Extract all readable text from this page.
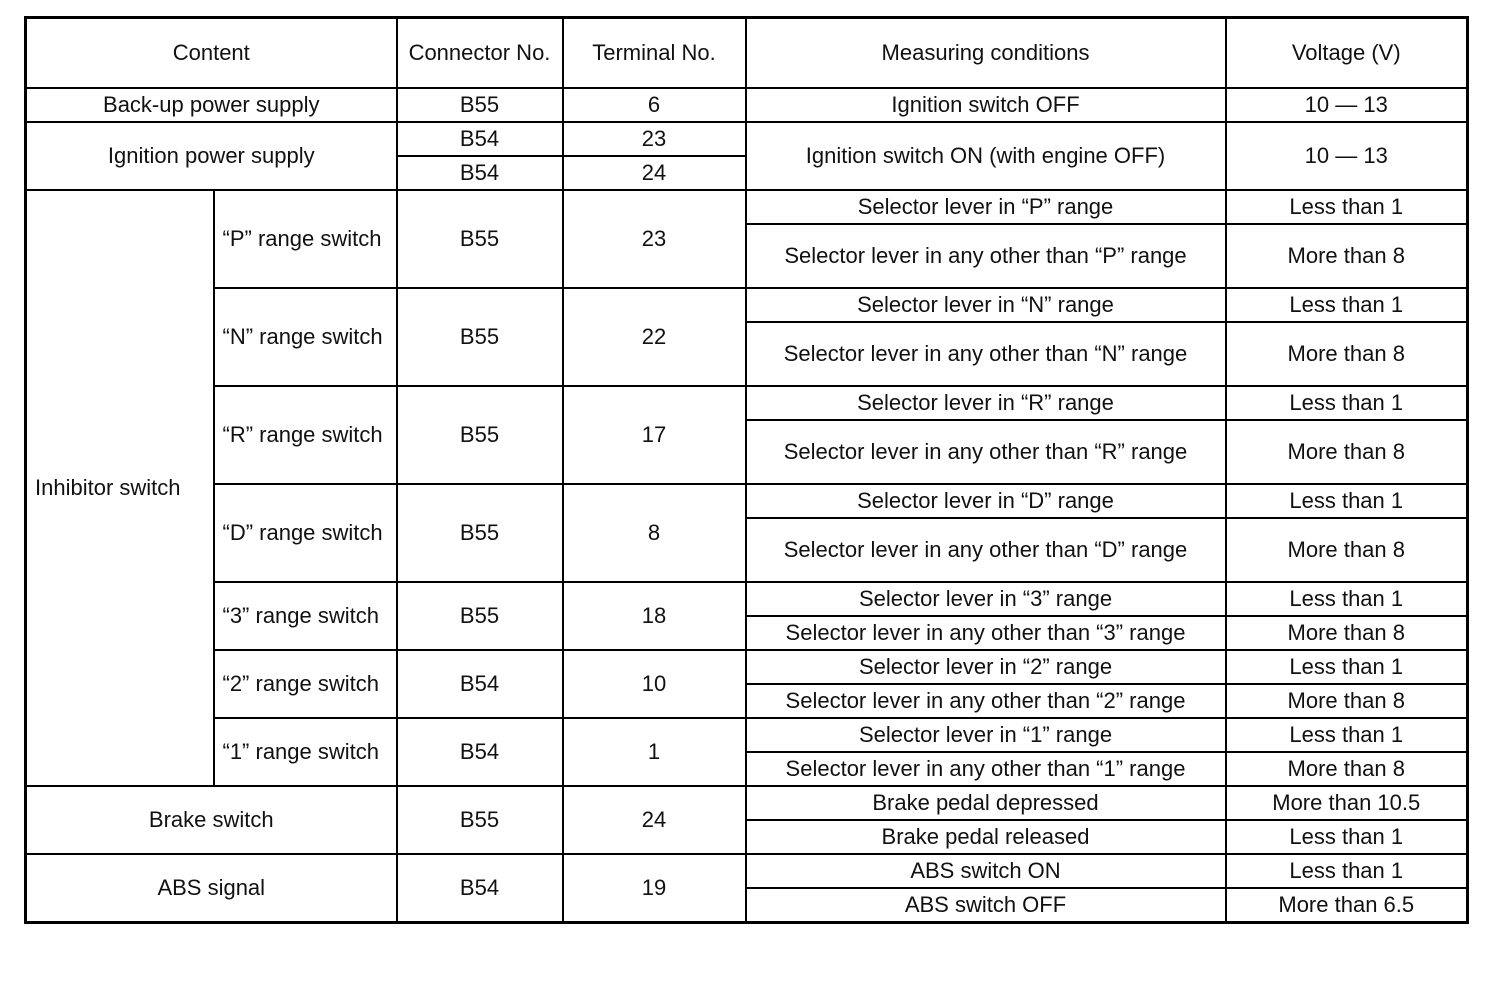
Content		Connector No.	Terminal No.	Measuring conditions	Voltage (V)
Back-up power supply		B55	6	Ignition switch OFF	10 — 13
Ignition power supply		B54	23	Ignition switch ON (with engine OFF)	10 — 13
		B54	24		
Inhibitor switch	“P” range switch	B55	23	Selector lever in “P” range	Less than 1
				Selector lever in any other than “P” range	More than 8
	“N” range switch	B55	22	Selector lever in “N” range	Less than 1
				Selector lever in any other than “N” range	More than 8
	“R” range switch	B55	17	Selector lever in “R” range	Less than 1
				Selector lever in any other than “R” range	More than 8
	“D” range switch	B55	8	Selector lever in “D” range	Less than 1
				Selector lever in any other than “D” range	More than 8
	“3” range switch	B55	18	Selector lever in “3” range	Less than 1
				Selector lever in any other than “3” range	More than 8
	“2” range switch	B54	10	Selector lever in “2” range	Less than 1
				Selector lever in any other than “2” range	More than 8
	“1” range switch	B54	1	Selector lever in “1” range	Less than 1
				Selector lever in any other than “1” range	More than 8
Brake switch		B55	24	Brake pedal depressed	More than 10.5
				Brake pedal released	Less than 1
ABS signal		B54	19	ABS switch ON	Less than 1
				ABS switch OFF	More than 6.5
